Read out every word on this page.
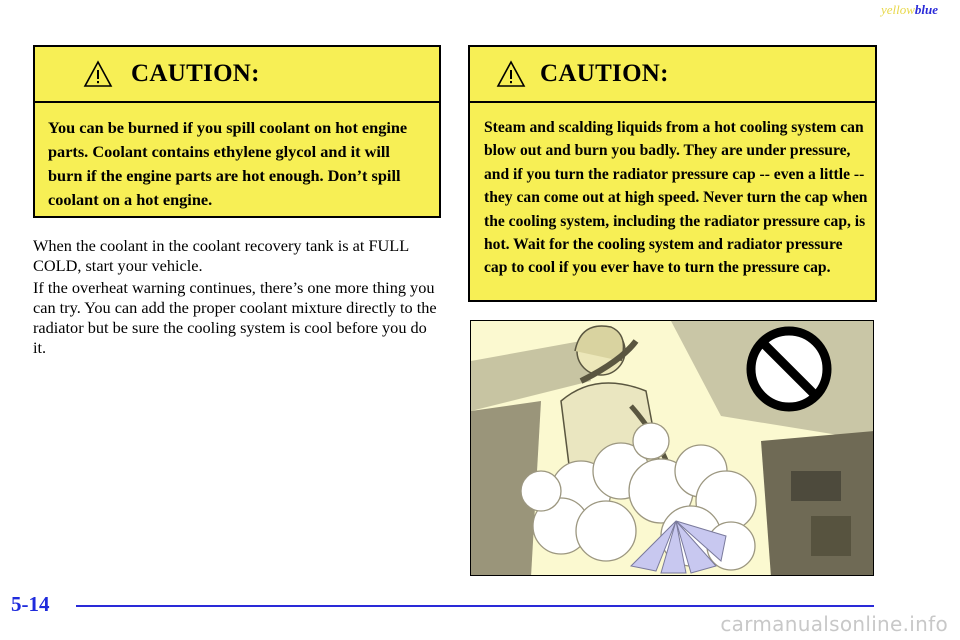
yellowblue
CAUTION:
You can be burned if you spill coolant on hot engine parts. Coolant contains ethylene glycol and it will burn if the engine parts are hot enough. Don’t spill coolant on a hot engine.

When the coolant in the coolant recovery tank is at FULL COLD, start your vehicle.

If the overheat warning continues, there’s one more thing you can try. You can add the proper coolant mixture directly to the radiator but be sure the cooling system is cool before you do it.

CAUTION:
Steam and scalding liquids from a hot cooling system can blow out and burn you badly. They are under pressure, and if you turn the radiator pressure cap -- even a little -- they can come out at high speed. Never turn the cap when the cooling system, including the radiator pressure cap, is hot. Wait for the cooling system and radiator pressure cap to cool if you ever have to turn the pressure cap.
5-14
carmanualsonline.info
